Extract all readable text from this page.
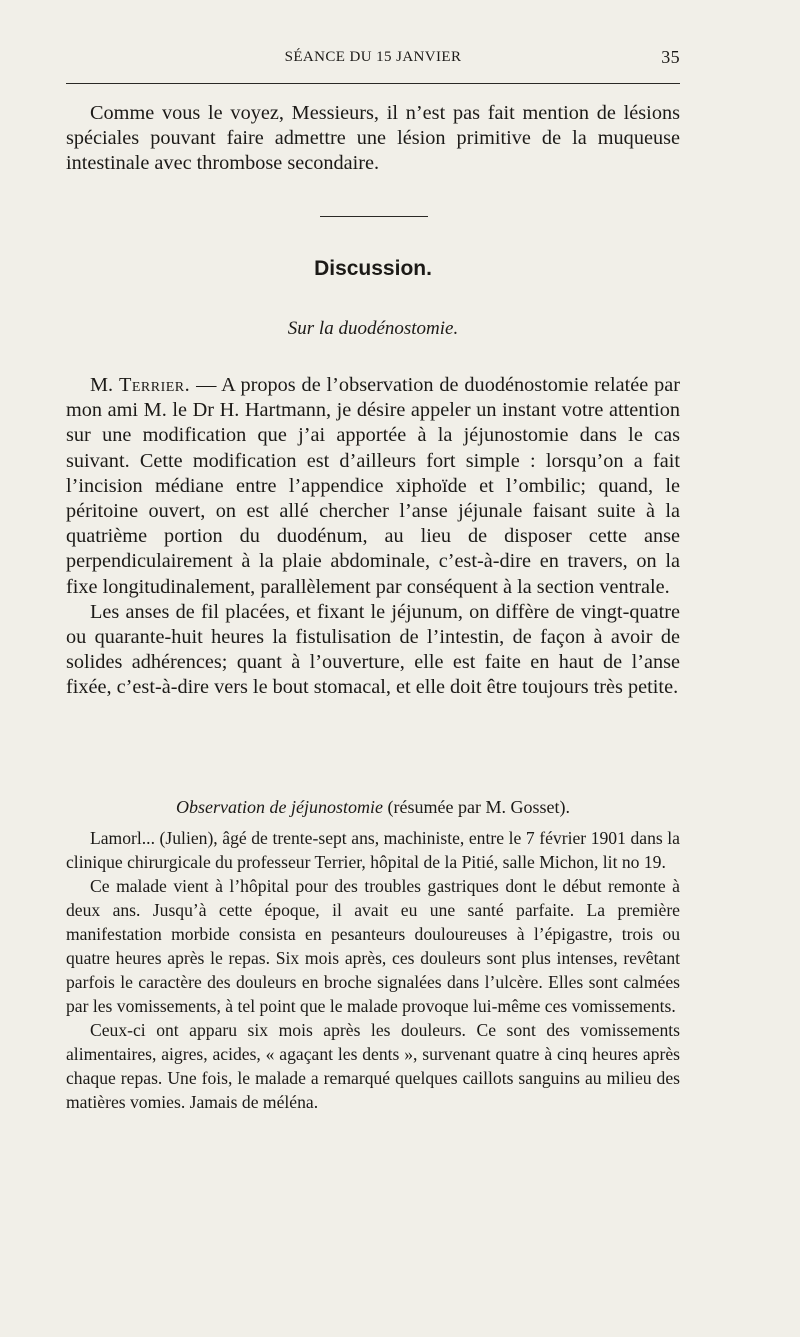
SÉANCE DU 15 JANVIER	35

Comme vous le voyez, Messieurs, il n’est pas fait mention de lésions spéciales pouvant faire admettre une lésion primitive de la muqueuse intestinale avec thrombose secondaire.

Discussion.
Sur la duodénostomie.

M. Terrier. — A propos de l’observation de duodénostomie relatée par mon ami M. le Dr H. Hartmann, je désire appeler un instant votre attention sur une modification que j’ai apportée à la jéjunostomie dans le cas suivant. Cette modification est d’ailleurs fort simple : lorsqu’on a fait l’incision médiane entre l’appendice xiphoïde et l’ombilic; quand, le péritoine ouvert, on est allé chercher l’anse jéjunale faisant suite à la quatrième portion du duodénum, au lieu de disposer cette anse perpendiculairement à la plaie abdominale, c’est-à-dire en travers, on la fixe longitudinalement, parallèlement par conséquent à la section ventrale.

Les anses de fil placées, et fixant le jéjunum, on diffère de vingt-quatre ou quarante-huit heures la fistulisation de l’intestin, de façon à avoir de solides adhérences; quant à l’ouverture, elle est faite en haut de l’anse fixée, c’est-à-dire vers le bout stomacal, et elle doit être toujours très petite.

Observation de jéjunostomie (résumée par M. Gosset).

Lamorl... (Julien), âgé de trente-sept ans, machiniste, entre le 7 février 1901 dans la clinique chirurgicale du professeur Terrier, hôpital de la Pitié, salle Michon, lit no 19.

Ce malade vient à l’hôpital pour des troubles gastriques dont le début remonte à deux ans. Jusqu’à cette époque, il avait eu une santé parfaite. La première manifestation morbide consista en pesanteurs douloureuses à l’épigastre, trois ou quatre heures après le repas. Six mois après, ces douleurs sont plus intenses, revêtant parfois le caractère des douleurs en broche signalées dans l’ulcère. Elles sont calmées par les vomissements, à tel point que le malade provoque lui-même ces vomissements.

Ceux-ci ont apparu six mois après les douleurs. Ce sont des vomissements alimentaires, aigres, acides, « agaçant les dents », survenant quatre à cinq heures après chaque repas. Une fois, le malade a remarqué quelques caillots sanguins au milieu des matières vomies. Jamais de méléna.
